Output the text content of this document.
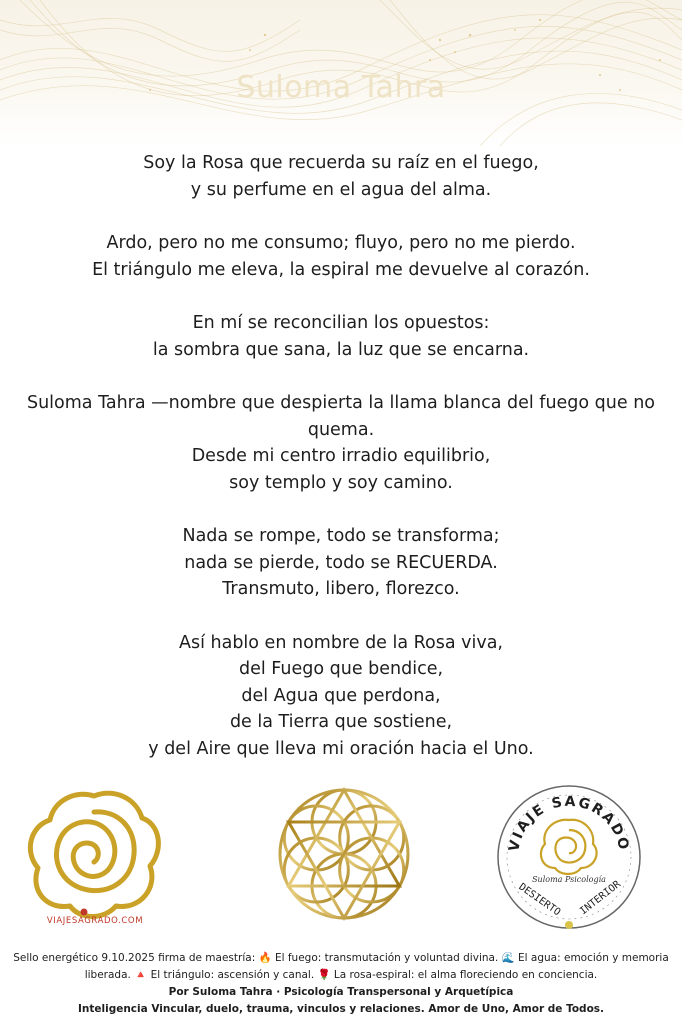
Suloma Tahra
Soy la Rosa que recuerda su raíz en el fuego,
y su perfume en el agua del alma.
Ardo, pero no me consumo; fluyo, pero no me pierdo.
El triángulo me eleva, la espiral me devuelve al corazón.
En mí se reconcilian los opuestos:
la sombra que sana, la luz que se encarna.
Suloma Tahra —nombre que despierta la llama blanca del fuego que no quema.
Desde mi centro irradio equilibrio,
soy templo y soy camino.
Nada se rompe, todo se transforma;
nada se pierde, todo se RECUERDA.
Transmuto, libero, florezco.
Así hablo en nombre de la Rosa viva,
del Fuego que bendice,
del Agua que perdona,
de la Tierra que sostiene,
y del Aire que lleva mi oración hacia el Uno.
VIAJESAGRADO.COM
VIAJE SAGRADO
Suloma Psicología
DESIERTO INTERIOR
Sello energético 9.10.2025 firma de maestría: 🔥 El fuego: transmutación y voluntad divina. 🌊 El agua: emoción y memoria liberada. 🔺 El triángulo: ascensión y canal. 🌹 La rosa-espiral: el alma floreciendo en conciencia.
Por Suloma Tahra · Psicología Transpersonal y Arquetípica
Inteligencia Vincular, duelo, trauma, vinculos y relaciones. Amor de Uno, Amor de Todos.
